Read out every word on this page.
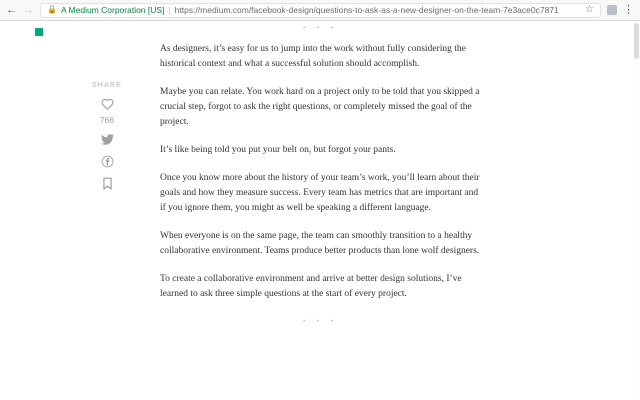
← → 🔒 A Medium Corporation [US] | https://medium.com/facebook-design/questions-to-ask-as-a-new-designer-on-the-team-7e3ace0c7871	☆	⋮
SHARE
766
· · ·

As designers, it’s easy for us to jump into the work without fully considering the historical context and what a successful solution should accomplish.

Maybe you can relate. You work hard on a project only to be told that you skipped a crucial step, forgot to ask the right questions, or completely missed the goal of the project.

It’s like being told you put your belt on, but forgot your pants.

Once you know more about the history of your team’s work, you’ll learn about their goals and how they measure success. Every team has metrics that are important and if you ignore them, you might as well be speaking a different language.

When everyone is on the same page, the team can smoothly transition to a healthy collaborative environment. Teams produce better products than lone wolf designers.

To create a collaborative environment and arrive at better design solutions, I’ve learned to ask three simple questions at the start of every project.

· · ·
